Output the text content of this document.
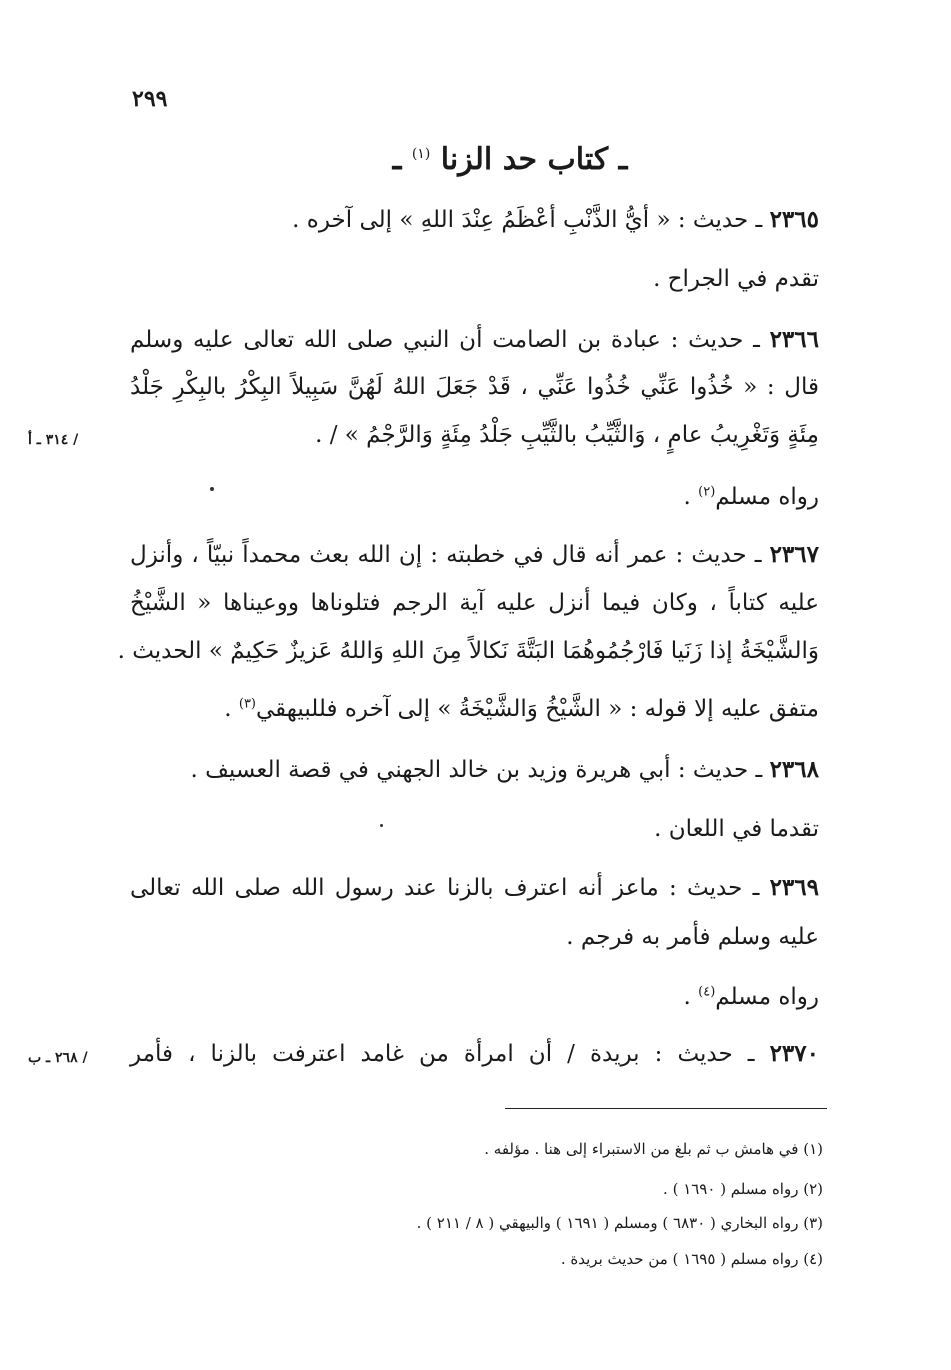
٢٩٩
ـ كتاب حد الزنا $^{(١)}$ ـ
٢٣٦٥ ـ حديث : « أيُّ الذَّنْبِ أعْظَمُ عِنْدَ اللهِ » إلى آخره .
تقدم في الجراح .
٢٣٦٦ ـ حديث : عبادة بن الصامت أن النبي صلى الله تعالى عليه وسلم
قال : « خُذُوا عَنِّي خُذُوا عَنِّي ، قَدْ جَعَلَ اللهُ لَهُنَّ سَبِيلاً البِكْرُ بالبِكْرِ جَلْدُ
مِئَةٍ وَتَغْرِيبُ عامٍ ، وَالثَّيِّبُ بالثَّيِّبِ جَلْدُ مِئَةٍ وَالرَّجْمُ » / .
/ ٣١٤ ـ أ
رواه مسلم$^{(٢)}$ .
٢٣٦٧ ـ حديث : عمر أنه قال في خطبته : إن الله بعث محمداً نبيّاً ، وأنزل
عليه كتاباً ، وكان فيما أنزل عليه آية الرجم فتلوناها ووعيناها « الشَّيْخُ
وَالشَّيْخَةُ إذا زَنَيا فَارْجُمُوهُمَا البَتَّةَ نَكالاً مِنَ اللهِ وَاللهُ عَزيزٌ حَكِيمٌ » الحديث .
متفق عليه إلا قوله : « الشَّيْخُ وَالشَّيْخَةُ » إلى آخره فللبيهقي$^{(٣)}$ .
٢٣٦٨ ـ حديث : أبي هريرة وزيد بن خالد الجهني في قصة العسيف .
تقدما في اللعان .
٢٣٦٩ ـ حديث : ماعز أنه اعترف بالزنا عند رسول الله صلى الله تعالى
عليه وسلم فأمر به فرجم .
رواه مسلم$^{(٤)}$ .
٢٣٧٠ ـ حديث : بريدة / أن امرأة من غامد اعترفت بالزنا ، فأمر
/ ٢٦٨ ـ ب
(١) في هامش ب ثم بلغ من الاستبراء إلى هنا . مؤلفه .
(٢) رواه مسلم ( ١٦٩٠ ) .
(٣) رواه البخاري ( ٦٨٣٠ ) ومسلم ( ١٦٩١ ) والبيهقي ( ٨ / ٢١١ ) .
(٤) رواه مسلم ( ١٦٩٥ ) من حديث بريدة .
